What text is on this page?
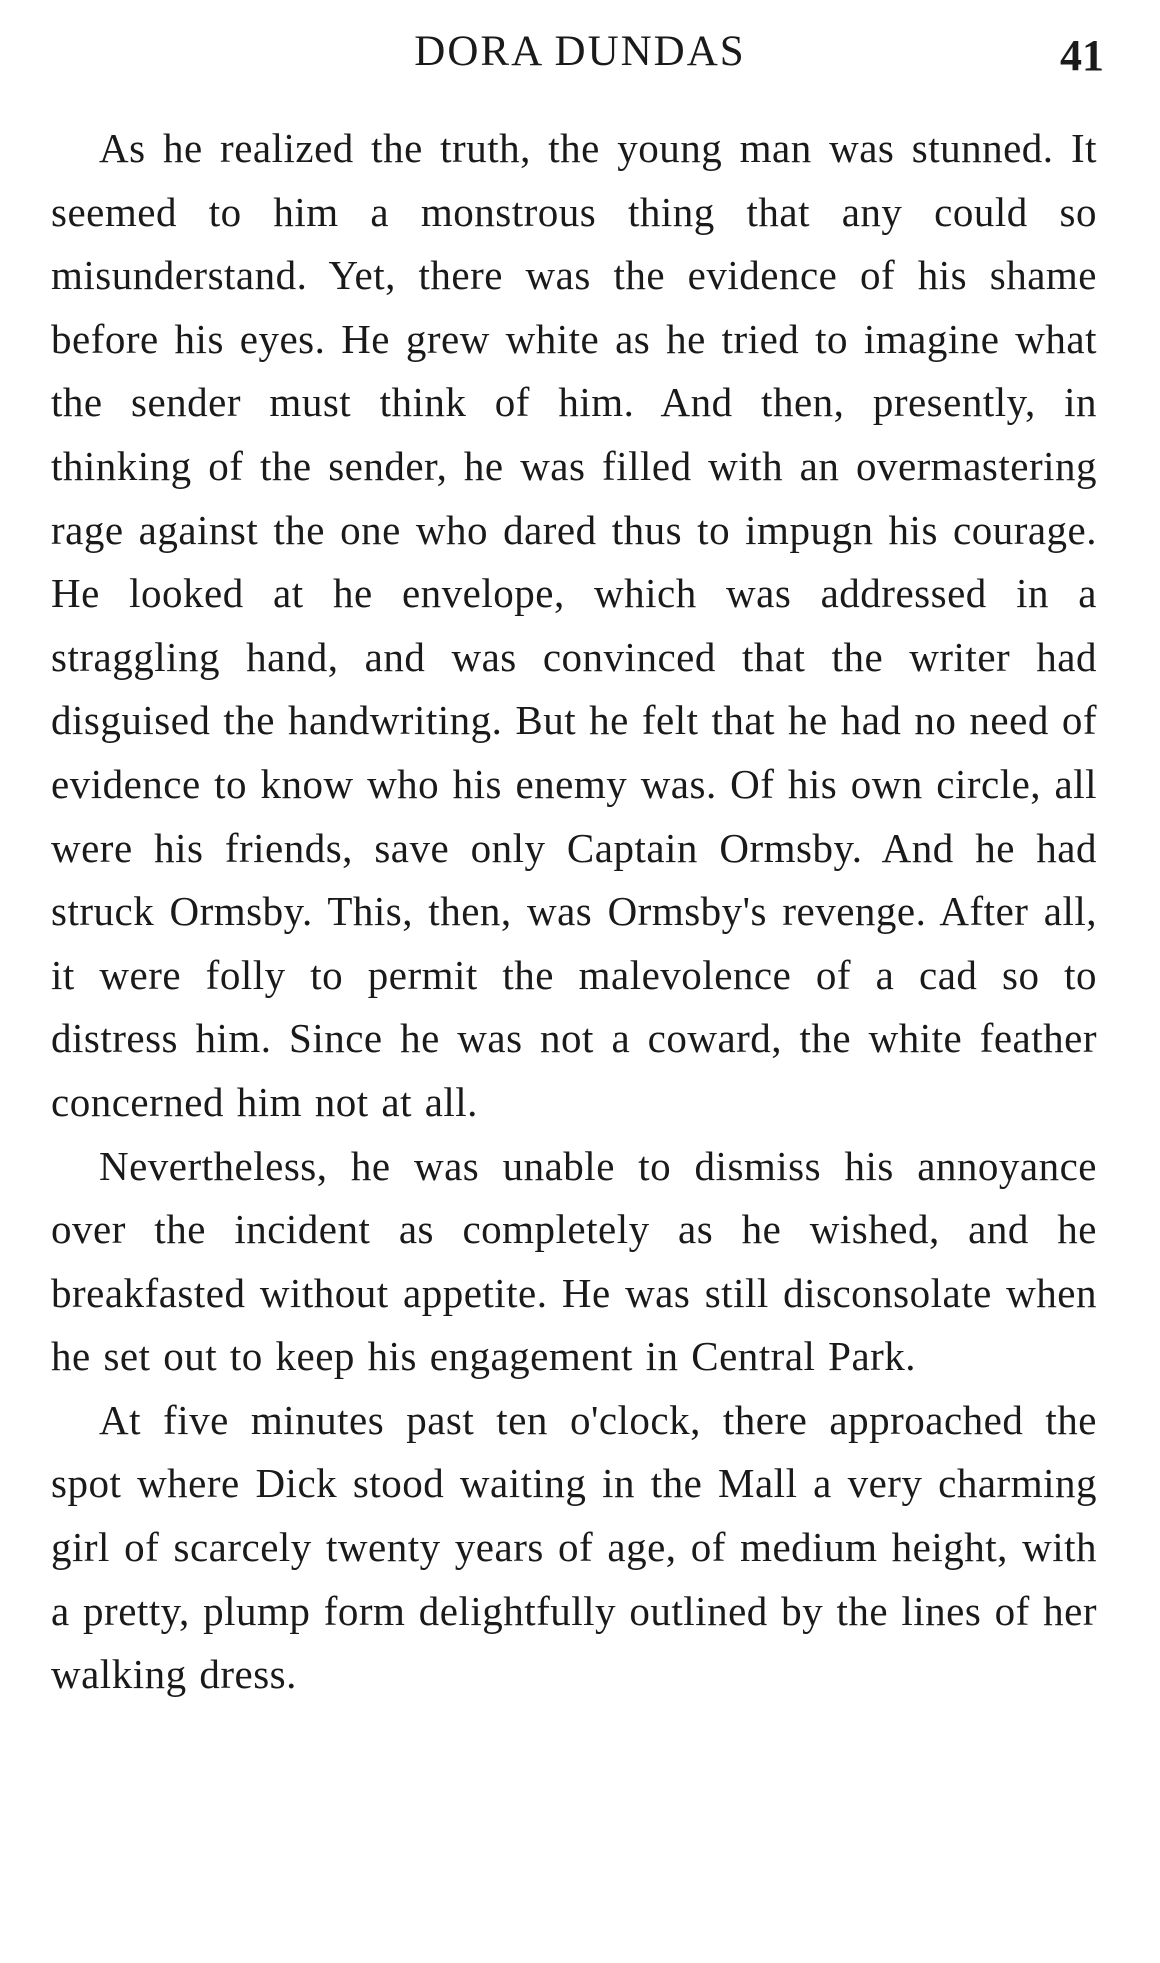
DORA DUNDAS	41

As he realized the truth, the young man was stunned. It seemed to him a monstrous thing that any could so misunderstand. Yet, there was the evidence of his shame before his eyes. He grew white as he tried to imagine what the sender must think of him. And then, presently, in thinking of the sender, he was filled with an overmastering rage against the one who dared thus to impugn his courage. He looked at he envelope, which was addressed in a straggling hand, and was convinced that the writer had disguised the handwriting. But he felt that he had no need of evidence to know who his enemy was. Of his own circle, all were his friends, save only Captain Ormsby. And he had struck Ormsby. This, then, was Ormsby's revenge. After all, it were folly to permit the malevolence of a cad so to distress him. Since he was not a coward, the white feather concerned him not at all.

Nevertheless, he was unable to dismiss his annoyance over the incident as completely as he wished, and he breakfasted without appetite. He was still disconsolate when he set out to keep his engagement in Central Park.

At five minutes past ten o'clock, there approached the spot where Dick stood waiting in the Mall a very charming girl of scarcely twenty years of age, of medium height, with a pretty, plump form delightfully outlined by the lines of her walking dress.
